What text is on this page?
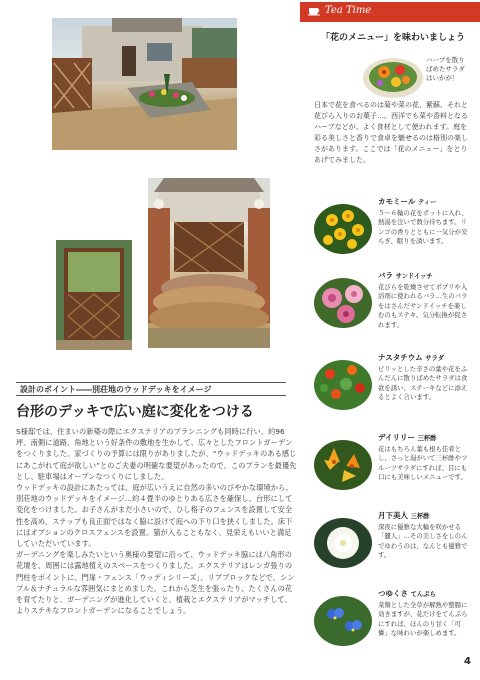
設計のポイント――別荘地のウッドデッキをイメージ
台形のデッキで広い庭に変化をつける

S様邸では、住まいの新築の際にエクステリアのプランニングも同時に行い、約96坪、南側に道路、角地という好条件の敷地を生かして、広々としたフロントガーデンをつくりました。家づくりの予算には限りがありましたが、“ウッドデッキのある感じにあこがれて庭が欲しい”とのご夫妻の明確な要望があったので、このプランを最優先とし、駐車場はオープンなつくりにしました。

ウッドデッキの設計にあたっては、庭が広いうえに自然の多いのびやかな環境から、別荘地のウッドデッキをイメージ…約４畳半のゆとりある広さを確保し、台形にして変化をつけました。お子さんがまだ小さいので、ひし格子のフェンスを設置して安全性を高め、ステップも良正面ではなく脇に設けて庭への下り口を狭くしました。床下にはオプションのクロスフェンスを設置。猫が入ることもなく、見栄えもいいと満足していただいています。

ガーデニングを楽しみたいという奥様の要望に沿って、ウッドデッキ脇には八角形の花壇を、周囲には露地植えのスペースをつくりました。エクステリアはレンガ張りの門柱をポイントに、門扉・フェンス「ウッディシリーズ」、リブブロックなどで、シンプル＆ナチュラルな雰囲気にまとめました。これから芝生を張ったり、たくさんの花を育てたりと、ガーデニングが進化していくと、植栽とエクステリアがマッチして、よりステキなフロントガーデンになることでしょう。

Tea Time
「花のメニュー」を味わいましょう
ハーブを散りばめたサラダはいかが！
日本で花を食べるのは菊や菜の花、紫蘇、それと花びら入りのお菓子…。西洋でも菜や香料となるハーブなどが、よく食材として使われます。庭を彩る美しさと香りで食卓を魅せるのは格別の楽しさがあります。ここでは「花のメニュー」をとりあげてみました。
カモミール ティー
５〜６輪の花をポットに入れ、熱湯を注いで数分待ちます。リンゴの香りとともに一気分が安らぎ、眠りを誘います。
バラ サンドイッチ
花びらを乾燥させてポプリや入浴剤に使われるバラ…生のバラをはさんだサンドイッチを楽しむのもステキ。気分転換が促されます。
ナスタチウム サラダ
ピリッとした辛さの葉や花をふんだんに散りばめたサラダは食欲を誘い、ステーキなどに添えるとよく合います。
デイリリー 三杯酢
花はもちろん葉も根も佳肴とし、さっと湯がいて三杯酢やフルーツサラダにすれば、目にも口にも美味しいメニューです。
月下美人 三杯酢
深夜に優雅な大輪を咲かせる「麗人」…その美しさをしのんでゆわうのは、なんとも優雅です。
つゆくさ てんぷら
菜類とした全草が解熱や整腸に効きますが、花だけをてんぷらにすれば、ほんのり甘く「可憐」な味わいが楽しめます。
4
